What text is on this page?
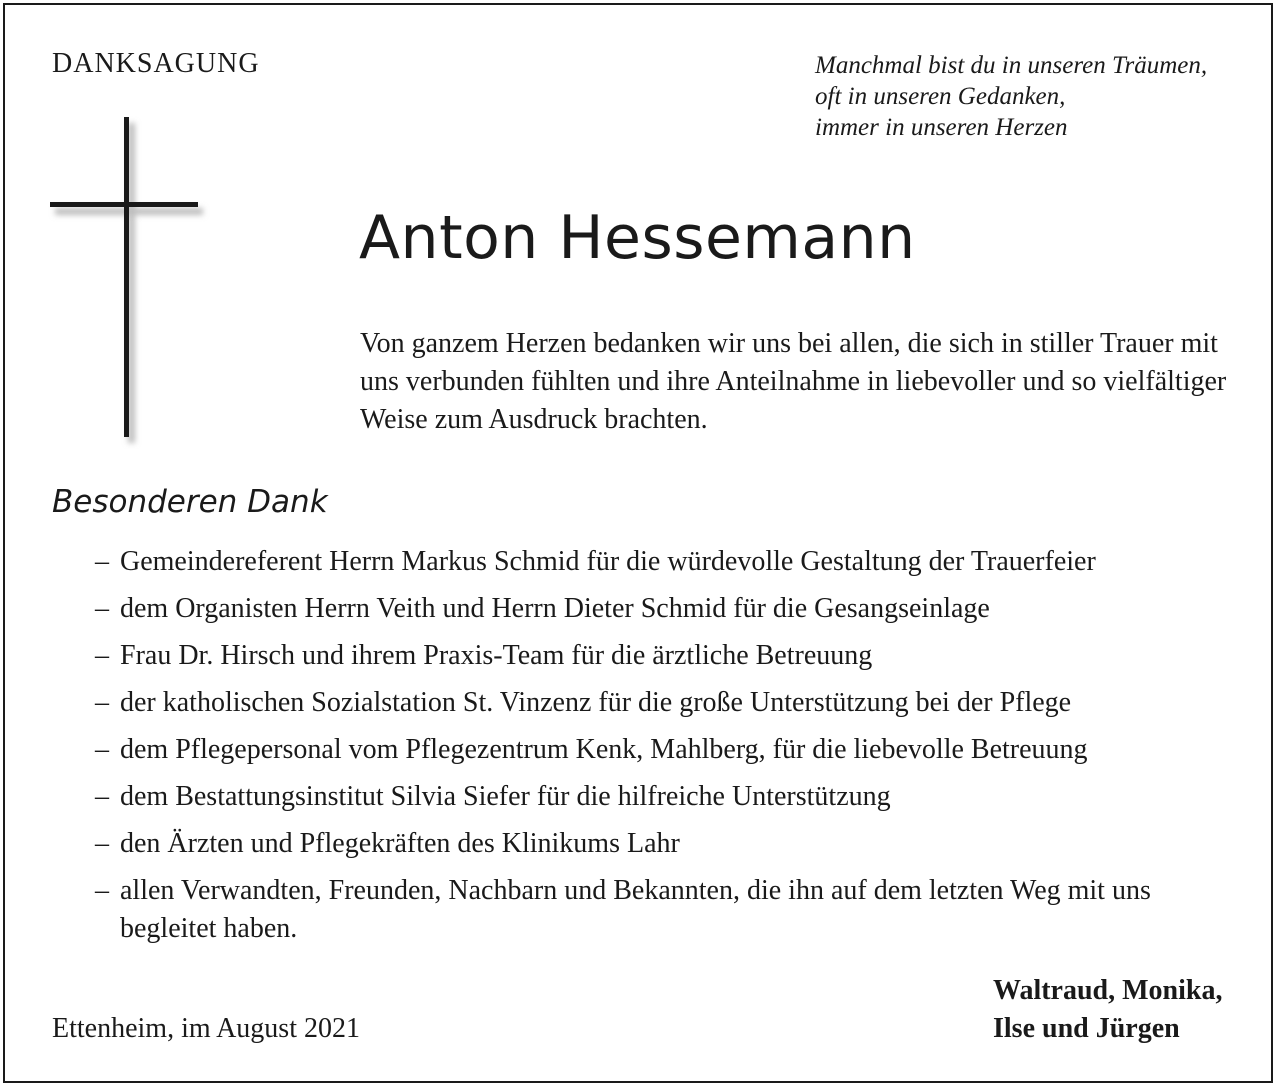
DANKSAGUNG	Manchmal bist du in unseren Träumen,
oft in unseren Gedanken,
immer in unseren Herzen
Anton Hessemann

Von ganzem Herzen bedanken wir uns bei allen, die sich in stiller Trauer mit uns verbunden fühlten und ihre Anteilnahme in liebevoller und so vielfältiger Weise zum Ausdruck brachten.

Besonderen Dank
– Gemeindereferent Herrn Markus Schmid für die würdevolle Gestaltung der Trauerfeier
– dem Organisten Herrn Veith und Herrn Dieter Schmid für die Gesangseinlage
– Frau Dr. Hirsch und ihrem Praxis-Team für die ärztliche Betreuung
– der katholischen Sozialstation St. Vinzenz für die große Unterstützung bei der Pflege
– dem Pflegepersonal vom Pflegezentrum Kenk, Mahlberg, für die liebevolle Betreuung
– dem Bestattungsinstitut Silvia Siefer für die hilfreiche Unterstützung
– den Ärzten und Pflegekräften des Klinikums Lahr
– allen Verwandten, Freunden, Nachbarn und Bekannten, die ihn auf dem letzten Weg mit uns begleitet haben.
Ettenheim, im August 2021
Waltraud, Monika,
Ilse und Jürgen
